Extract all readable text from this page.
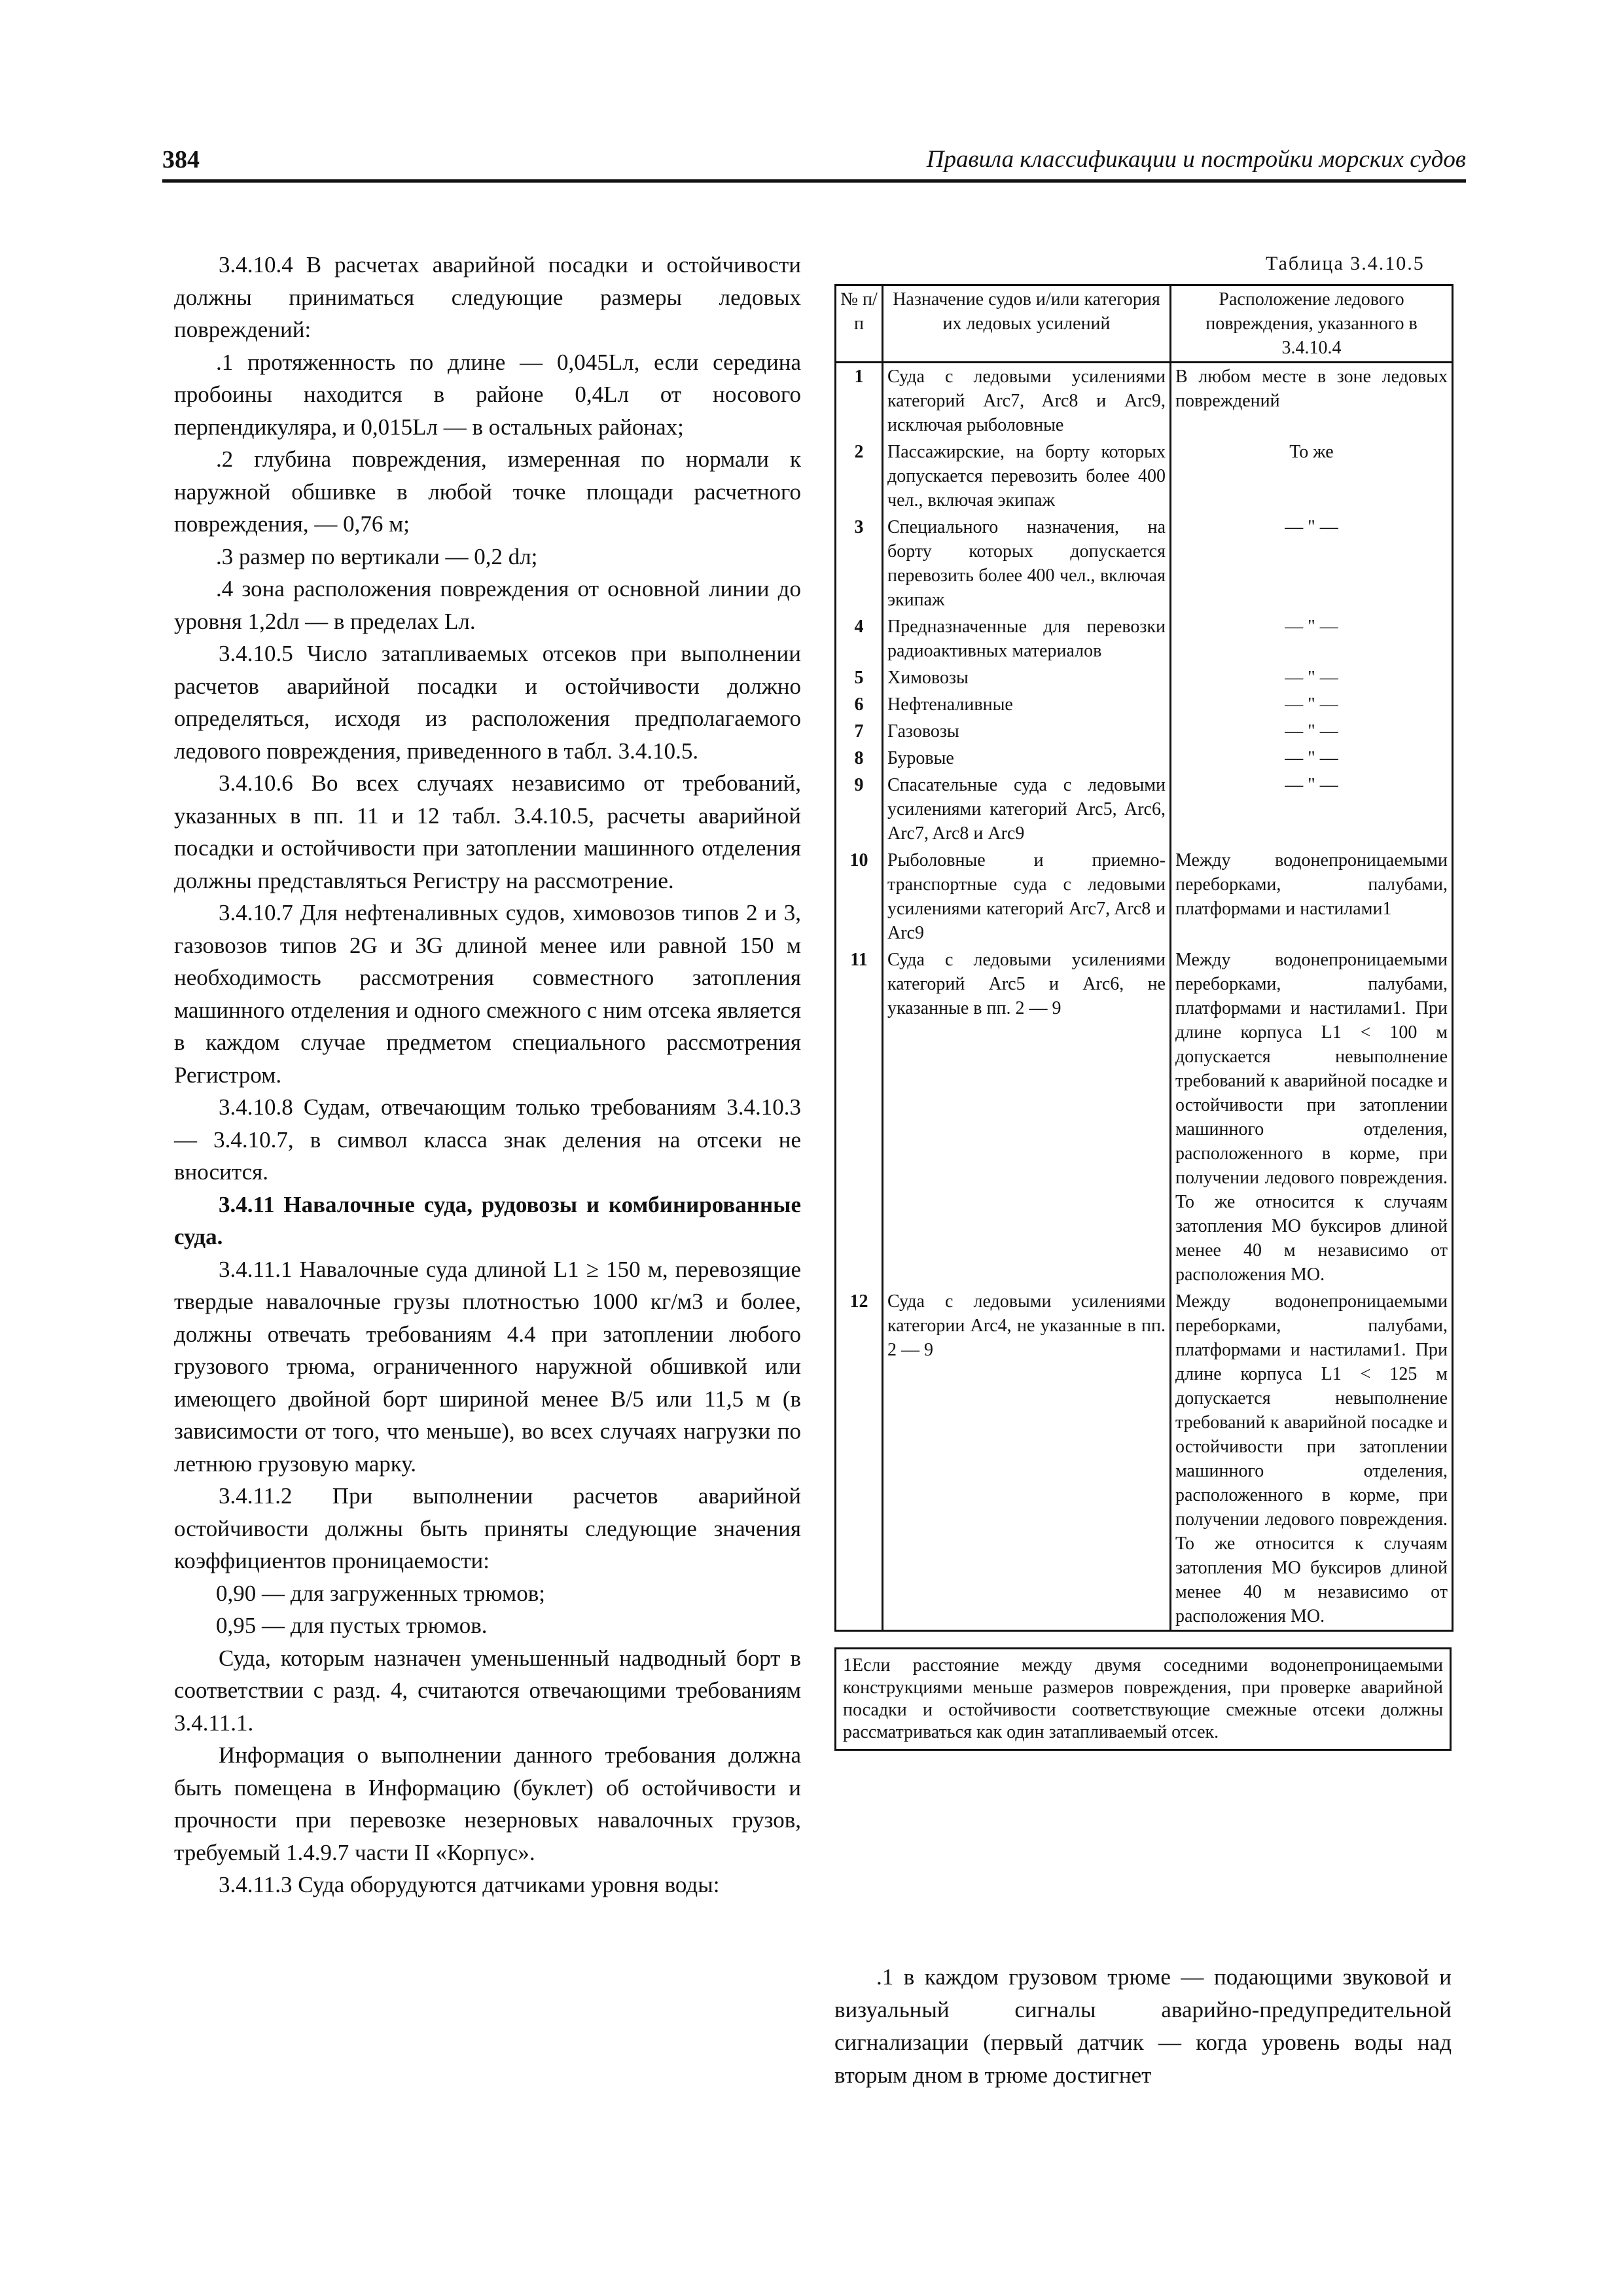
384	Правила классификации и постройки морских судов

3.4.10.4 В расчетах аварийной посадки и остойчивости должны приниматься следующие размеры ледовых повреждений:

.1 протяженность по длине — 0,045Lл, если середина пробоины находится в районе 0,4Lл от носового перпендикуляра, и 0,015Lл — в остальных районах;

.2 глубина повреждения, измеренная по нормали к наружной обшивке в любой точке площади расчетного повреждения, — 0,76 м;

.3 размер по вертикали — 0,2 dл;

.4 зона расположения повреждения от основной линии до уровня 1,2dл — в пределах Lл.

3.4.10.5 Число затапливаемых отсеков при выполнении расчетов аварийной посадки и остойчивости должно определяться, исходя из расположения предполагаемого ледового повреждения, приведенного в табл. 3.4.10.5.

3.4.10.6 Во всех случаях независимо от требований, указанных в пп. 11 и 12 табл. 3.4.10.5, расчеты аварийной посадки и остойчивости при затоплении машинного отделения должны представляться Регистру на рассмотрение.

3.4.10.7 Для нефтеналивных судов, химовозов типов 2 и 3, газовозов типов 2G и 3G длиной менее или равной 150 м необходимость рассмотрения совместного затопления машинного отделения и одного смежного с ним отсека является в каждом случае предметом специального рассмотрения Регистром.

3.4.10.8 Судам, отвечающим только требованиям 3.4.10.3 — 3.4.10.7, в символ класса знак деления на отсеки не вносится.

3.4.11 Навалочные суда, рудовозы и комбинированные суда.

3.4.11.1 Навалочные суда длиной L1 ≥ 150 м, перевозящие твердые навалочные грузы плотностью 1000 кг/м3 и более, должны отвечать требованиям 4.4 при затоплении любого грузового трюма, ограниченного наружной обшивкой или имеющего двойной борт шириной менее B/5 или 11,5 м (в зависимости от того, что меньше), во всех случаях нагрузки по летнюю грузовую марку.

3.4.11.2 При выполнении расчетов аварийной остойчивости должны быть приняты следующие значения коэффициентов проницаемости:

0,90 — для загруженных трюмов;

0,95 — для пустых трюмов.

Суда, которым назначен уменьшенный надводный борт в соответствии с разд. 4, считаются отвечающими требованиям 3.4.11.1.

Информация о выполнении данного требования должна быть помещена в Информацию (буклет) об остойчивости и прочности при перевозке незерновых навалочных грузов, требуемый 1.4.9.7 части II «Корпус».

3.4.11.3 Суда оборудуются датчиками уровня воды:

Таблица 3.4.10.5
№ п/п	Назначение судов и/или категория их ледовых усилений	Расположение ледового повреждения, указанного в 3.4.10.4
1	Суда с ледовыми усилениями категорий Arc7, Arc8 и Arc9, исключая рыболовные	В любом месте в зоне ледовых повреждений
2	Пассажирские, на борту которых допускается перевозить более 400 чел., включая экипаж	То же
3	Специального назначения, на борту которых допускается перевозить более 400 чел., включая экипаж	— " —
4	Предназначенные для перевозки радиоактивных материалов	— " —
5	Химовозы	— " —
6	Нефтеналивные	— " —
7	Газовозы	— " —
8	Буровые	— " —
9	Спасательные суда с ледовыми усилениями категорий Arc5, Arc6, Arc7, Arc8 и Arc9	— " —
10	Рыболовные и приемно-транспортные суда с ледовыми усилениями категорий Arc7, Arc8 и Arc9	Между водонепроницаемыми переборками, палубами, платформами и настилами1
11	Суда с ледовыми усилениями категорий Arc5 и Arc6, не указанные в пп. 2 — 9	Между водонепроницаемыми переборками, палубами, платформами и настилами1. При длине корпуса L1 < 100 м допускается невыполнение требований к аварийной посадке и остойчивости при затоплении машинного отделения, расположенного в корме, при получении ледового повреждения. То же относится к случаям затопления МО буксиров длиной менее 40 м независимо от расположения МО.
12	Суда с ледовыми усилениями категории Arc4, не указанные в пп. 2 — 9	Между водонепроницаемыми переборками, палубами, платформами и настилами1. При длине корпуса L1 < 125 м допускается невыполнение требований к аварийной посадке и остойчивости при затоплении машинного отделения, расположенного в корме, при получении ледового повреждения. То же относится к случаям затопления МО буксиров длиной менее 40 м независимо от расположения МО.
1Если расстояние между двумя соседними водонепроницаемыми конструкциями меньше размеров повреждения, при проверке аварийной посадки и остойчивости соответствующие смежные отсеки должны рассматриваться как один затапливаемый отсек.

.1 в каждом грузовом трюме — подающими звуковой и визуальный сигналы аварийно-предупредительной сигнализации (первый датчик — когда уровень воды над вторым дном в трюме достигнет
